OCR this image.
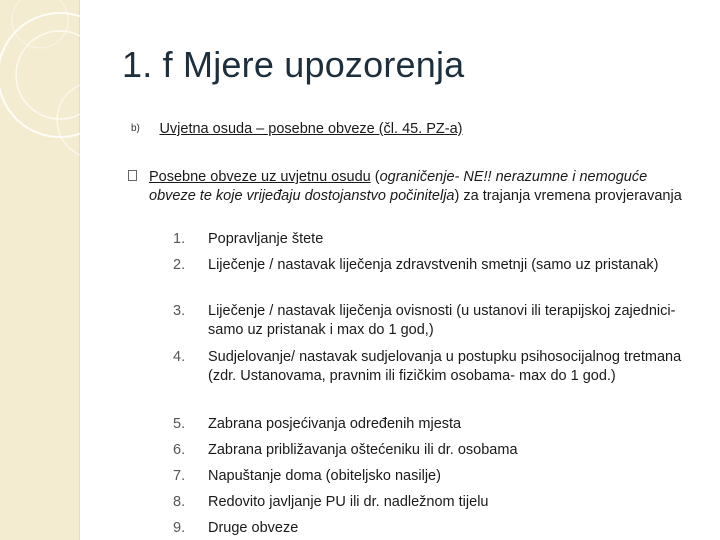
1. f Mjere upozorenja
b) Uvjetna osuda – posebne obveze (čl. 45. PZ-a)
Posebne obveze uz uvjetnu osudu (ograničenje- NE!! nerazumne i nemoguće obveze te koje vrijeđaju dostojanstvo počinitelja) za trajanja vremena provjeravanja
1.	Popravljanje štete
2.	Liječenje / nastavak liječenja zdravstvenih smetnji (samo uz pristanak)
3.	Liječenje / nastavak liječenja ovisnosti (u ustanovi ili terapijskoj zajednici- samo uz pristanak i max do 1 god,)
4.	Sudjelovanje/ nastavak sudjelovanja u postupku psihosocijalnog tretmana (zdr. Ustanovama, pravnim ili fizičkim osobama- max do 1 god.)
5.	Zabrana posjećivanja određenih mjesta
6.	Zabrana približavanja oštećeniku ili dr. osobama
7.	Napuštanje doma (obiteljsko nasilje)
8.	Redovito javljanje PU ili dr. nadležnom tijelu
9.	Druge obveze
